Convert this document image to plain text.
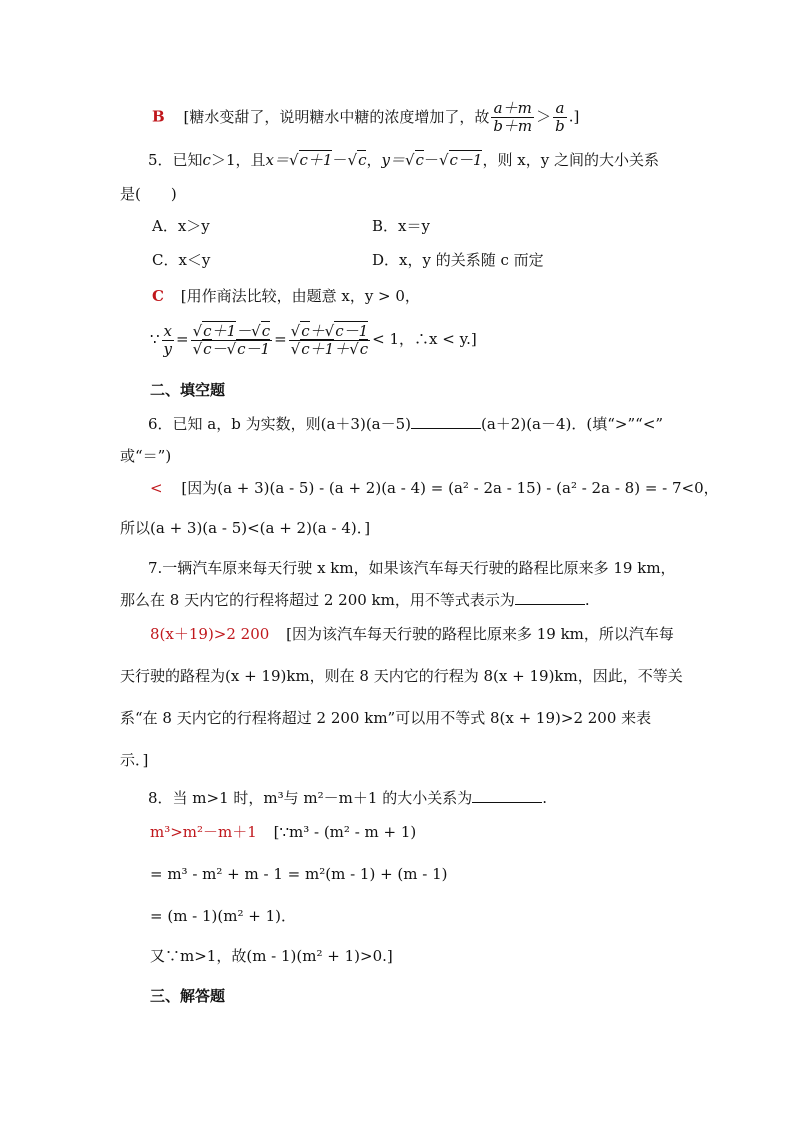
B [糖水变甜了，说明糖水中糖的浓度增加了，故 $\frac{a+m}{b+m} > \frac{a}{b}$ .]
5．已知c＞1，且x＝√c＋1－√c，y＝√c－√c－1，则 x，y 之间的大小关系
是(　　)
A．x＞y	B．x＝y
C．x＜y	D．x，y 的关系随 c 而定
C [用作商法比较，由题意 x，y > 0，
∵ $\frac{x}{y} = \frac{√c+1-√c}{√c-√c-1} = \frac{√c+√c-1}{√c+1+√c} < 1$，∴x < y.]
二、填空题
6．已知 a，b 为实数，则(a＋3)(a－5)	(a＋2)(a－4)．(填“>”“<”
或“＝”)
< [因为(a + 3)(a - 5) - (a + 2)(a - 4) = (a² - 2a - 15) - (a² - 2a - 8) = - 7<0，
所以(a + 3)(a - 5)<(a + 2)(a - 4)．]
7.一辆汽车原来每天行驶 x km，如果该汽车每天行驶的路程比原来多 19 km，
那么在 8 天内它的行程将超过 2 200 km，用不等式表示为	.
8(x＋19)>2 200 [因为该汽车每天行驶的路程比原来多 19 km，所以汽车每
天行驶的路程为(x + 19)km，则在 8 天内它的行程为 8(x + 19)km，因此，不等关
系“在 8 天内它的行程将超过 2 200 km”可以用不等式 8(x + 19)>2 200 来表
示．]
8．当 m>1 时，m³与 m²－m＋1 的大小关系为	.
m³>m²－m＋1 [∵m³ - (m² - m + 1)
= m³ - m² + m - 1 = m²(m - 1) + (m - 1)
= (m - 1)(m² + 1)．
又∵m>1，故(m - 1)(m² + 1)>0.]
三、解答题
